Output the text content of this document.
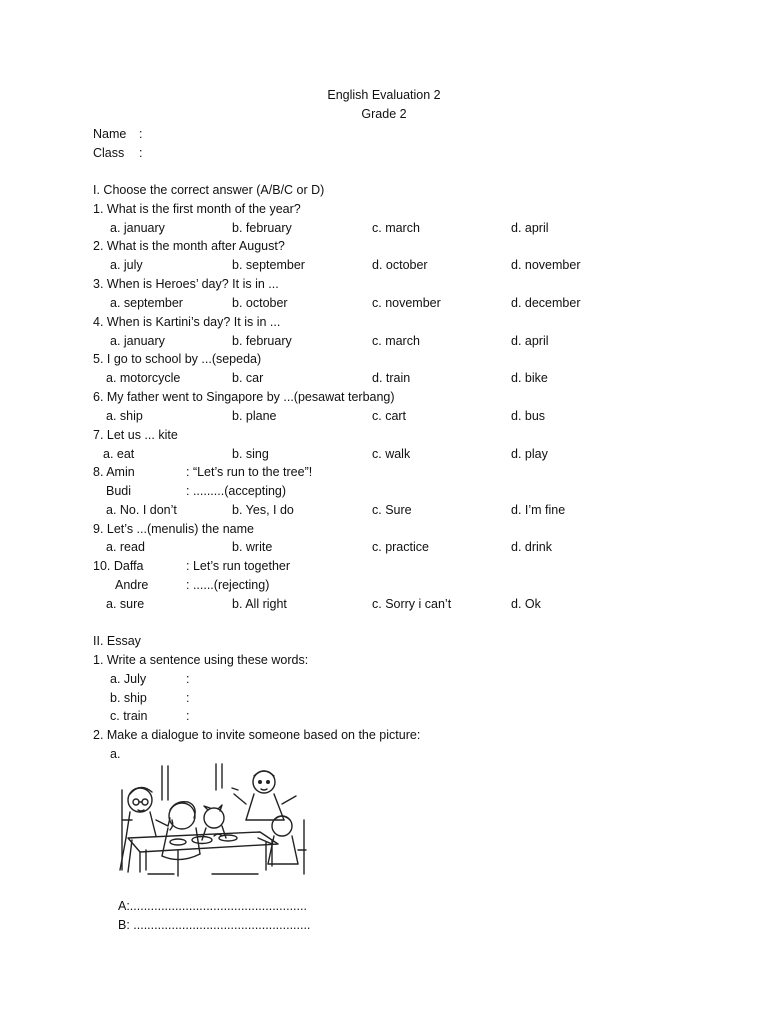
English Evaluation 2
Grade 2
Name :
Class :
I. Choose the correct answer (A/B/C or D)
1. What is the first month of the year?
a. january	b. february	c. march	d. april
2. What is the month after August?
a. july	b. september	d. october	d. november
3. When is Heroes’ day? It is in ...
a. september	b. october	c. november	d. december
4. When is Kartini’s day? It is in ...
a. january	b. february	c. march	d. april
5. I go to school by ...(sepeda)
a. motorcycle	b. car	d. train	d. bike
6. My father went to Singapore by ...(pesawat terbang)
a. ship	b. plane	c. cart	d. bus
7. Let us ... kite
a. eat	b. sing	c. walk	d. play
8. Amin	: “Let’s run to the tree”!
Budi	: .........(accepting)
a. No. I don’t	b. Yes, I do	c. Sure	d. I’m fine
9. Let’s ...(menulis) the name
a. read	b. write	c. practice	d. drink
10. Daffa	: Let’s run together
Andre	: ......(rejecting)
a. sure	b. All right	c. Sorry i can’t	d. Ok
II. Essay
1. Write a sentence using these words:
a. July	:
b. ship	:
c. train	:
2. Make a dialogue to invite someone based on the picture:
a.
A:...................................................
B: ...................................................
